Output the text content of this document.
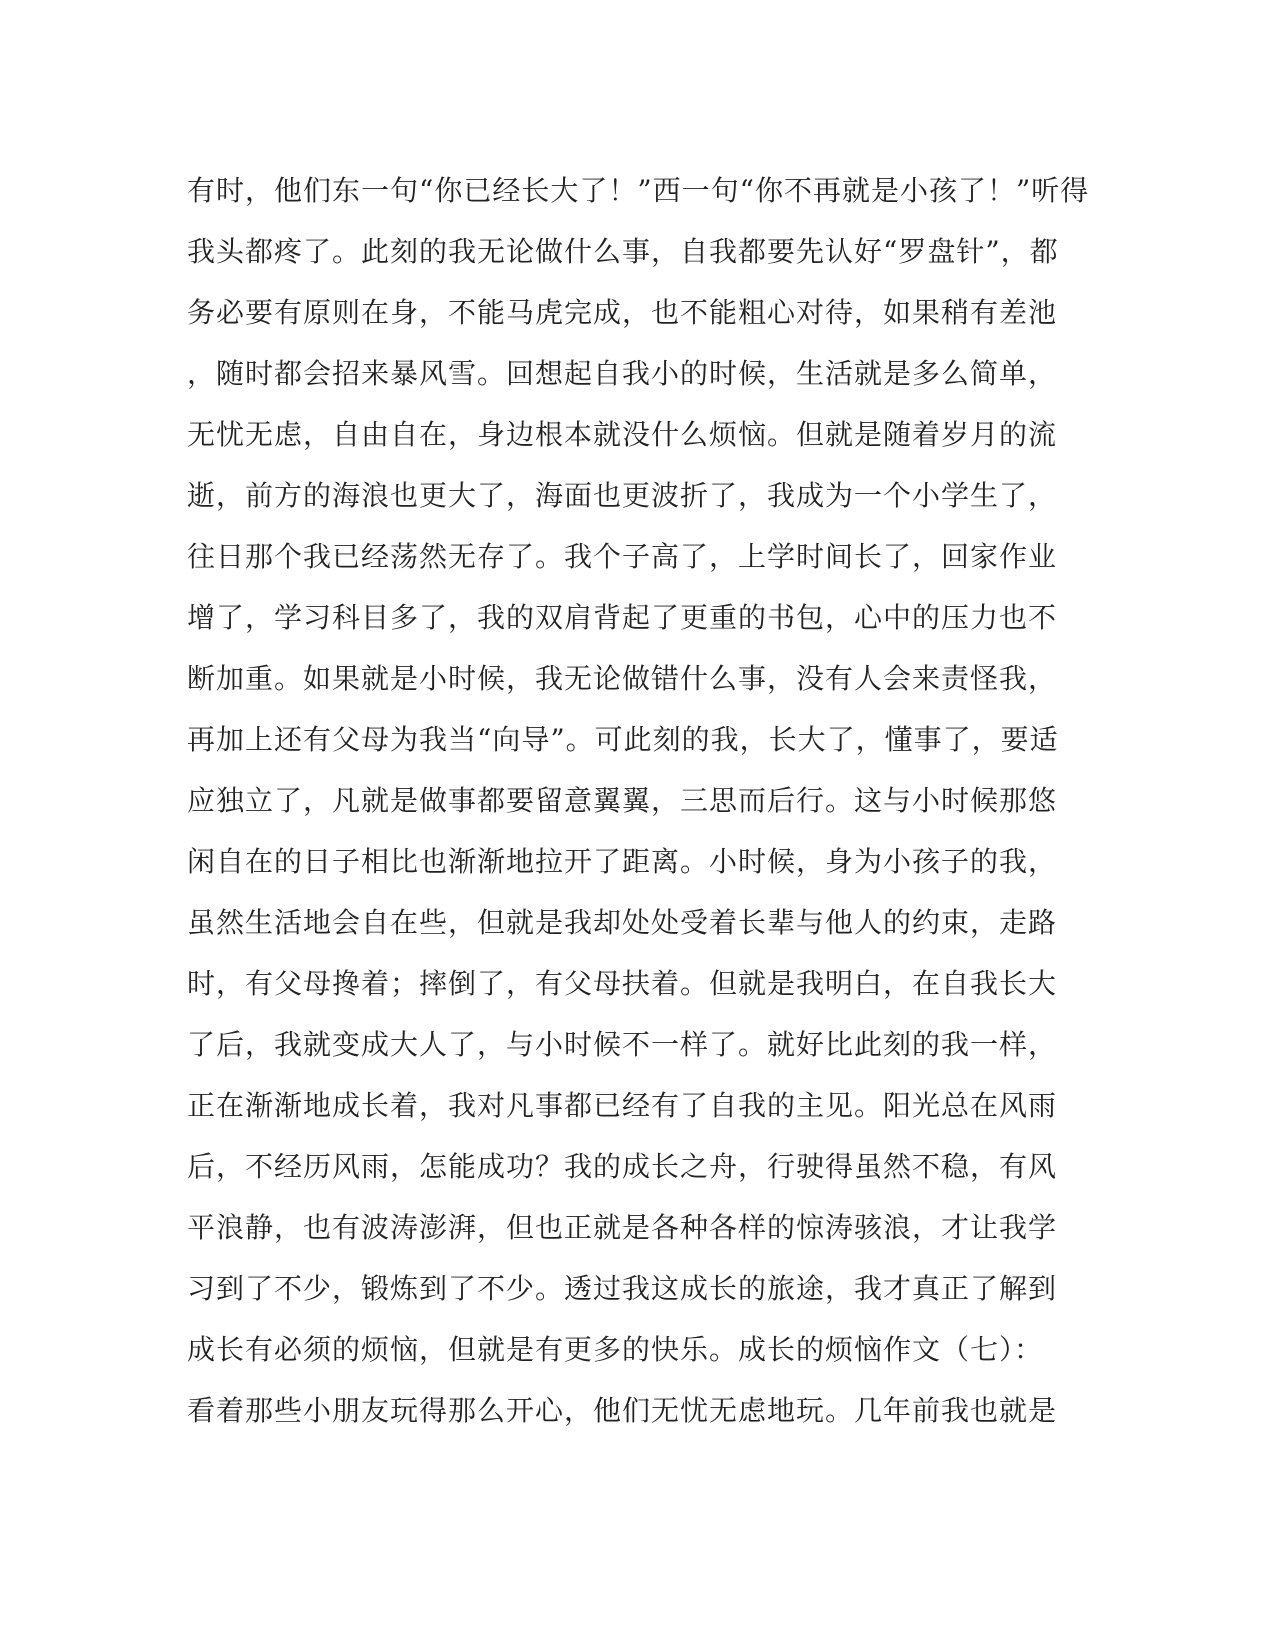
有时，他们东一句“你已经长大了！”西一句“你不再就是小孩了！”听得
我头都疼了。此刻的我无论做什么事，自我都要先认好“罗盘针”，都
务必要有原则在身，不能马虎完成，也不能粗心对待，如果稍有差池
，随时都会招来暴风雪。回想起自我小的时候，生活就是多么简单，
无忧无虑，自由自在，身边根本就没什么烦恼。但就是随着岁月的流
逝，前方的海浪也更大了，海面也更波折了，我成为一个小学生了，
往日那个我已经荡然无存了。我个子高了，上学时间长了，回家作业
增了，学习科目多了，我的双肩背起了更重的书包，心中的压力也不
断加重。如果就是小时候，我无论做错什么事，没有人会来责怪我，
再加上还有父母为我当“向导”。可此刻的我，长大了，懂事了，要适
应独立了，凡就是做事都要留意翼翼，三思而后行。这与小时候那悠
闲自在的日子相比也渐渐地拉开了距离。小时候，身为小孩子的我，
虽然生活地会自在些，但就是我却处处受着长辈与他人的约束，走路
时，有父母搀着；摔倒了，有父母扶着。但就是我明白，在自我长大
了后，我就变成大人了，与小时候不一样了。就好比此刻的我一样，
正在渐渐地成长着，我对凡事都已经有了自我的主见。阳光总在风雨
后，不经历风雨，怎能成功？我的成长之舟，行驶得虽然不稳，有风
平浪静，也有波涛澎湃，但也正就是各种各样的惊涛骇浪，才让我学
习到了不少，锻炼到了不少。透过我这成长的旅途，我才真正了解到
成长有必须的烦恼，但就是有更多的快乐。成长的烦恼作文（七）：
看着那些小朋友玩得那么开心，他们无忧无虑地玩。几年前我也就是
